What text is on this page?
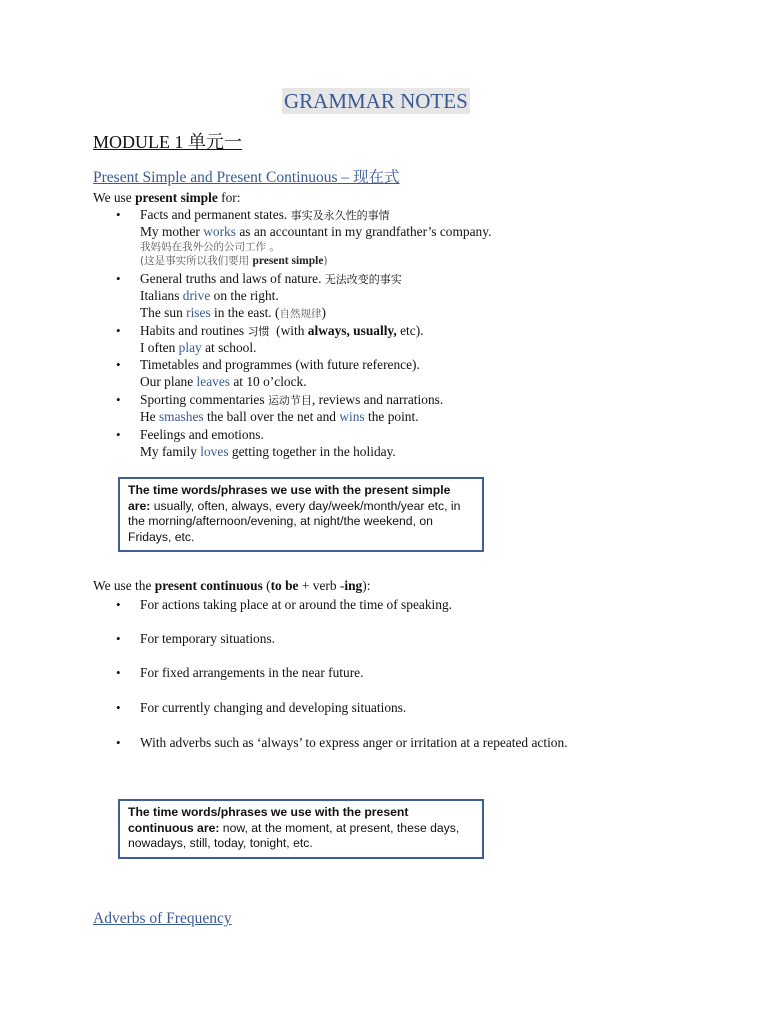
GRAMMAR NOTES
MODULE 1 单元一
Present Simple and Present Continuous – 现在式
We use present simple for:
• Facts and permanent states. 事实及永久性的事情
My mother works as an accountant in my grandfather’s company.
我妈妈在我外公的公司工作 。
(这是事实所以我们要用 present simple)
• General truths and laws of nature. 无法改变的事实
Italians drive on the right.
The sun rises in the east. (自然规律)
• Habits and routines 习惯  (with always, usually, etc).
I often play at school.
• Timetables and programmes (with future reference).
Our plane leaves at 10 o’clock.
• Sporting commentaries 运动节目, reviews and narrations.
He smashes the ball over the net and wins the point.
• Feelings and emotions.
My family loves getting together in the holiday.
The time words/phrases we use with the present simple are: usually, often, always, every day/week/month/year etc, in the morning/afternoon/evening, at night/the weekend, on Fridays, etc.
We use the present continuous (to be + verb -ing):
• For actions taking place at or around the time of speaking.
• For temporary situations.
• For fixed arrangements in the near future.
• For currently changing and developing situations.
• With adverbs such as ‘always’ to express anger or irritation at a repeated action.
The time words/phrases we use with the present continuous are: now, at the moment, at present, these days, nowadays, still, today, tonight, etc.
Adverbs of Frequency
